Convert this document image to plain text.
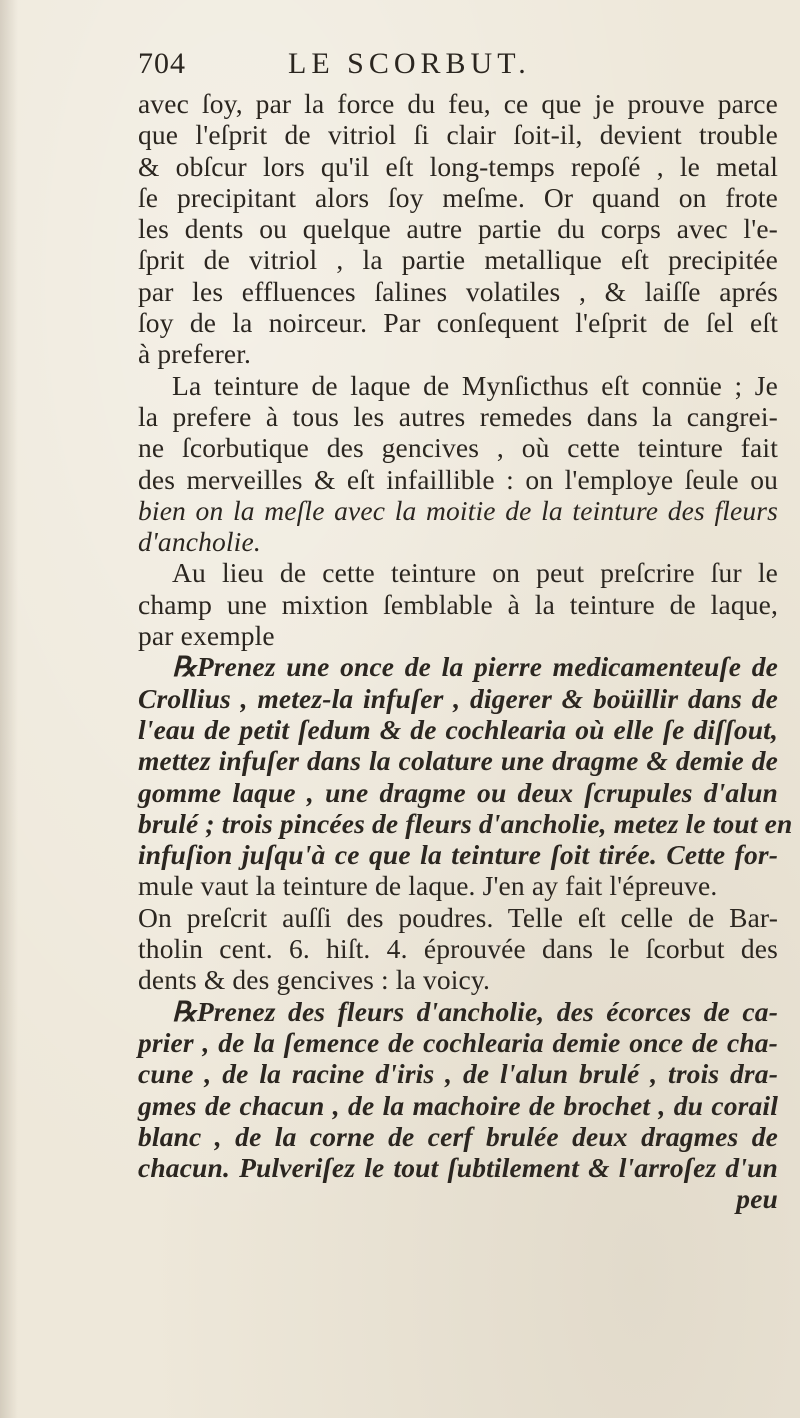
704	LE SCORBUT.
avec ſoy, par la force du feu, ce que je prouve parce
que l'eſprit de vitriol ſi clair ſoit-il, devient trouble
& obſcur lors qu'il eſt long-temps repoſé , le metal
ſe precipitant alors ſoy meſme. Or quand on frote
les dents ou quelque autre partie du corps avec l'e-
ſprit de vitriol , la partie metallique eſt precipitée
par les effluences ſalines volatiles , & laiſſe aprés
ſoy de la noirceur. Par conſequent l'eſprit de ſel eſt
à preferer.
La teinture de laque de Mynſicthus eſt connüe ; Je
la prefere à tous les autres remedes dans la cangrei-
ne ſcorbutique des gencives , où cette teinture fait
des merveilles & eſt infaillible : on l'employe ſeule ou
bien on la meſle avec la moitie de la teinture des fleurs
d'ancholie.
Au lieu de cette teinture on peut preſcrire ſur le
champ une mixtion ſemblable à la teinture de laque,
par exemple
℞Prenez une once de la pierre medicamenteuſe de
Crollius , metez-la infuſer , digerer & boüillir dans de
l'eau de petit ſedum & de cochlearia où elle ſe diſſout,
mettez infuſer dans la colature une dragme & demie de
gomme laque , une dragme ou deux ſcrupules d'alun
brulé ; trois pincées de fleurs d'ancholie, metez le tout en
infuſion juſqu'à ce que la teinture ſoit tirée. Cette for-
mule vaut la teinture de laque. J'en ay fait l'épreuve.
On preſcrit auſſi des poudres. Telle eſt celle de Bar-
tholin cent. 6. hiſt. 4. éprouvée dans le ſcorbut des
dents & des gencives : la voicy.
℞Prenez des fleurs d'ancholie, des écorces de ca-
prier , de la ſemence de cochlearia demie once de cha-
cune , de la racine d'iris , de l'alun brulé , trois dra-
gmes de chacun , de la machoire de brochet , du corail
blanc , de la corne de cerf brulée deux dragmes de
chacun. Pulveriſez le tout ſubtilement & l'arroſez d'un
peu
